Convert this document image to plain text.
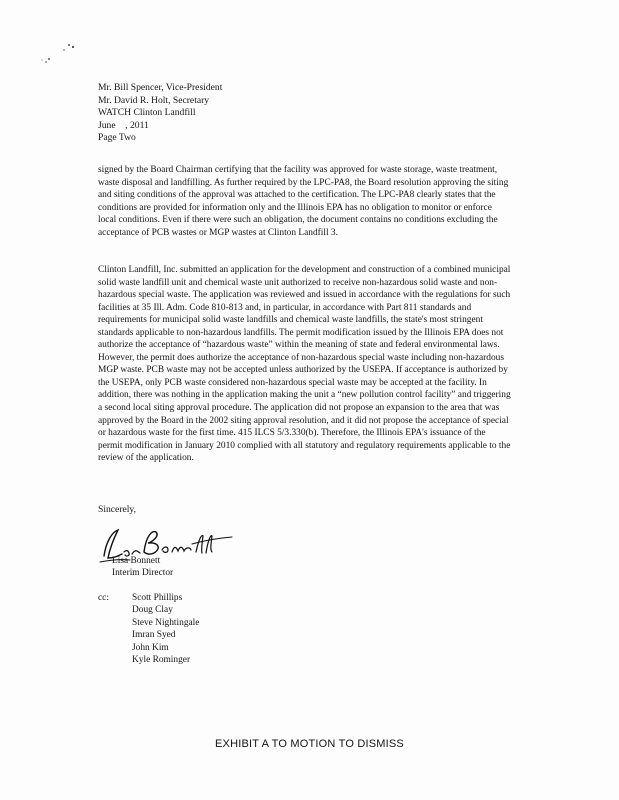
Mr. Bill Spencer, Vice-President
Mr. David R. Holt, Secretary
WATCH Clinton Landfill
June    , 2011
Page Two

signed by the Board Chairman certifying that the facility was approved for waste storage, waste treatment, waste disposal and landfilling. As further required by the LPC-PA8, the Board resolution approving the siting and siting conditions of the approval was attached to the certification. The LPC-PA8 clearly states that the conditions are provided for information only and the Illinois EPA has no obligation to monitor or enforce local conditions. Even if there were such an obligation, the document contains no conditions excluding the acceptance of PCB wastes or MGP wastes at Clinton Landfill 3.

Clinton Landfill, Inc. submitted an application for the development and construction of a combined municipal solid waste landfill unit and chemical waste unit authorized to receive non-hazardous solid waste and non-hazardous special waste. The application was reviewed and issued in accordance with the regulations for such facilities at 35 Ill. Adm. Code 810-813 and, in particular, in accordance with Part 811 standards and requirements for municipal solid waste landfills and chemical waste landfills, the state's most stringent standards applicable to non-hazardous landfills. The permit modification issued by the Illinois EPA does not authorize the acceptance of “hazardous waste” within the meaning of state and federal environmental laws. However, the permit does authorize the acceptance of non-hazardous special waste including non-hazardous MGP waste. PCB waste may not be accepted unless authorized by the USEPA. If acceptance is authorized by the USEPA, only PCB waste considered non-hazardous special waste may be accepted at the facility. In addition, there was nothing in the application making the unit a “new pollution control facility” and triggering a second local siting approval procedure. The application did not propose an expansion to the area that was approved by the Board in the 2002 siting approval resolution, and it did not propose the acceptance of special or hazardous waste for the first time. 415 ILCS 5/3.330(b). Therefore, the Illinois EPA's issuance of the permit modification in January 2010 complied with all statutory and regulatory requirements applicable to the review of the application.

Sincerely,
Lisa Bonnett
Interim Director
cc:	Scott Phillips
Doug Clay
Steve Nightingale
Imran Syed
John Kim
Kyle Rominger
EXHIBIT A TO MOTION TO DISMISS
